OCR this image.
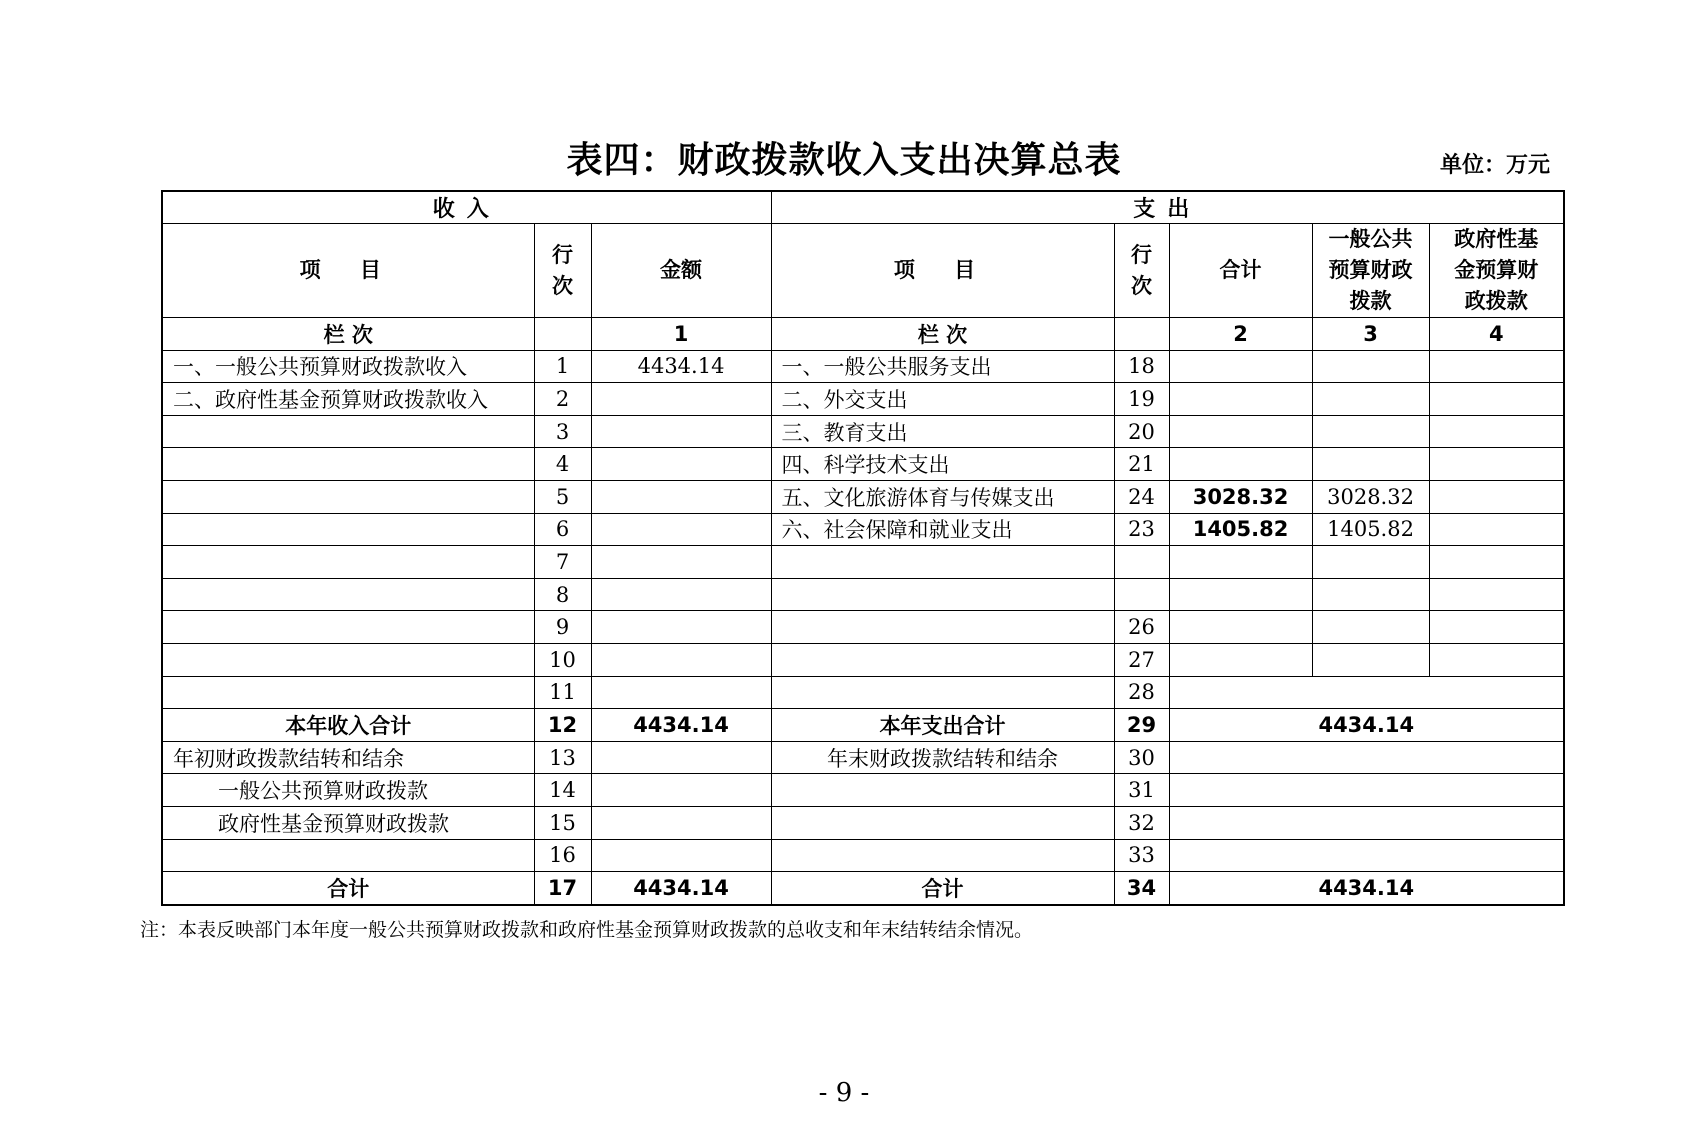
表四：财政拨款收入支出决算总表	单位：万元
收入			支出				
项 目	行次	金额	项 目	行次	合计	一般公共预算财政拨款	政府性基金预算财政拨款
栏 次		1	栏 次		2	3	4
一、一般公共预算财政拨款收入	1	4434.14	一、一般公共服务支出	18			
二、政府性基金预算财政拨款收入	2		二、外交支出	19			
	3		三、教育支出	20			
	4		四、科学技术支出	21			
	5		五、文化旅游体育与传媒支出	24	3028.32	3028.32	
	6		六、社会保障和就业支出	23	1405.82	1405.82	
	7						
	8						
	9			26			
	10			27			
	11			28			
本年收入合计	12	4434.14	本年支出合计	29	4434.14		
年初财政拨款结转和结余	13		年末财政拨款结转和结余	30			
一般公共预算财政拨款	14			31			
政府性基金预算财政拨款	15			32			
	16			33			
合计	17	4434.14	合计	34	4434.14		
注：本表反映部门本年度一般公共预算财政拨款和政府性基金预算财政拨款的总收支和年末结转结余情况。
- 9 -
